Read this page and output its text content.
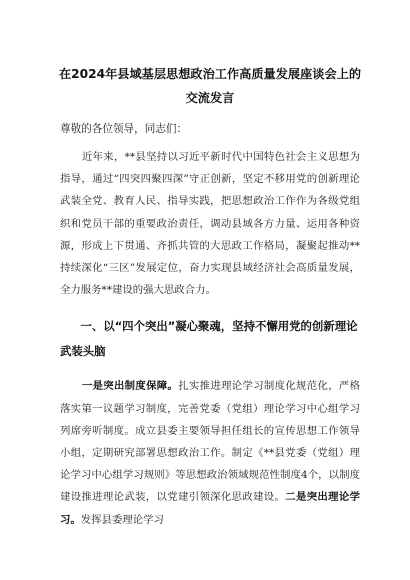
在2024年县域基层思想政治工作高质量发展座谈会上的交流发言
尊敬的各位领导，同志们：

近年来，**县坚持以习近平新时代中国特色社会主义思想为指导，通过“四突四聚四深”守正创新，坚定不移用党的创新理论武装全党、教育人民、指导实践，把思想政治工作作为各级党组织和党员干部的重要政治责任，调动县域各方力量、运用各种资源，形成上下贯通、齐抓共管的大思政工作格局，凝聚起推动**持续深化“三区”发展定位，奋力实现县域经济社会高质量发展，全力服务**建设的强大思政合力。

一、以“四个突出”凝心聚魂，坚持不懈用党的创新理论武装头脑

一是突出制度保障。扎实推进理论学习制度化规范化，严格落实第一议题学习制度，完善党委（党组）理论学习中心组学习列席旁听制度。成立县委主要领导担任组长的宣传思想工作领导小组，定期研究部署思想政治工作。制定《**县党委（党组）理论学习中心组学习规则》等思想政治领域规范性制度4个，以制度建设推进理论武装，以党建引领深化思政建设。二是突出理论学习。发挥县委理论学习
